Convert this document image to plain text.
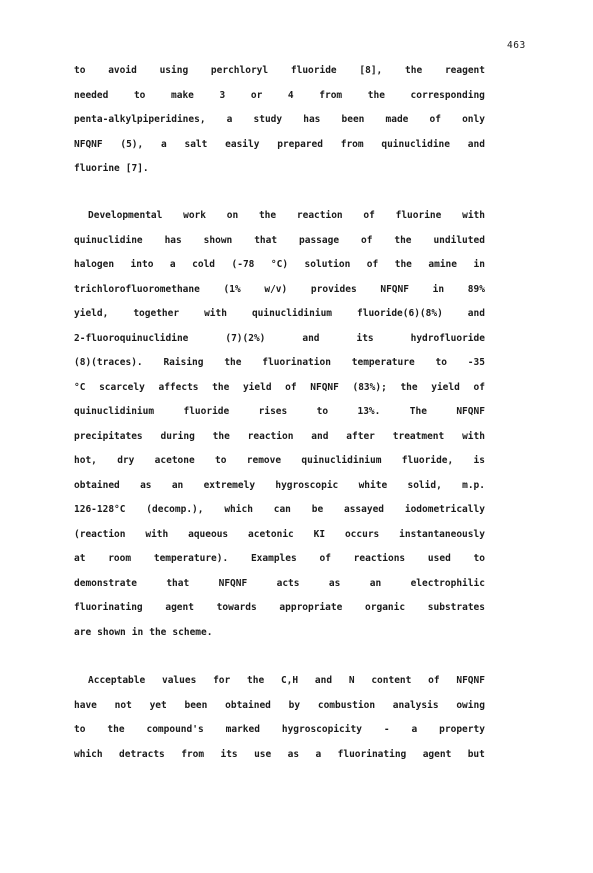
463
to avoid using perchloryl fluoride [8], the reagent
needed	to	make	3	or	4	from	the	corresponding
penta-alkylpiperidines, a study has been made of only
NFQNF (5), a salt easily prepared from quinuclidine and
fluorine [7].
Developmental work on the reaction of fluorine with
quinuclidine has shown that passage of the undiluted
halogen into a cold (-78 °C) solution of the amine in
trichlorofluoromethane (1% w/v) provides NFQNF in 89%
yield,	together	with	quinuclidinium	fluoride(6)(8%)	and
2-fluoroquinuclidine	(7)(2%)	and	its	hydrofluoride
(8)(traces). Raising the fluorination temperature to -35
°C scarcely affects the yield of NFQNF (83%); the yield of
quinuclidinium	fluoride	rises	to	13%.	The	NFQNF
precipitates during the reaction and after treatment with
hot, dry acetone to remove quinuclidinium fluoride, is
obtained as an extremely hygroscopic white solid, m.p.
126-128°C (decomp.), which can be assayed iodometrically
(reaction with aqueous acetonic KI occurs instantaneously
at room temperature). Examples of reactions used to
demonstrate	that	NFQNF	acts	as	an	electrophilic
fluorinating agent towards appropriate organic substrates
are shown in the scheme.
Acceptable values for the C,H and N content of NFQNF
have not yet been obtained by combustion analysis owing
to the compound's marked hygroscopicity - a property
which detracts from its use as a fluorinating agent but
